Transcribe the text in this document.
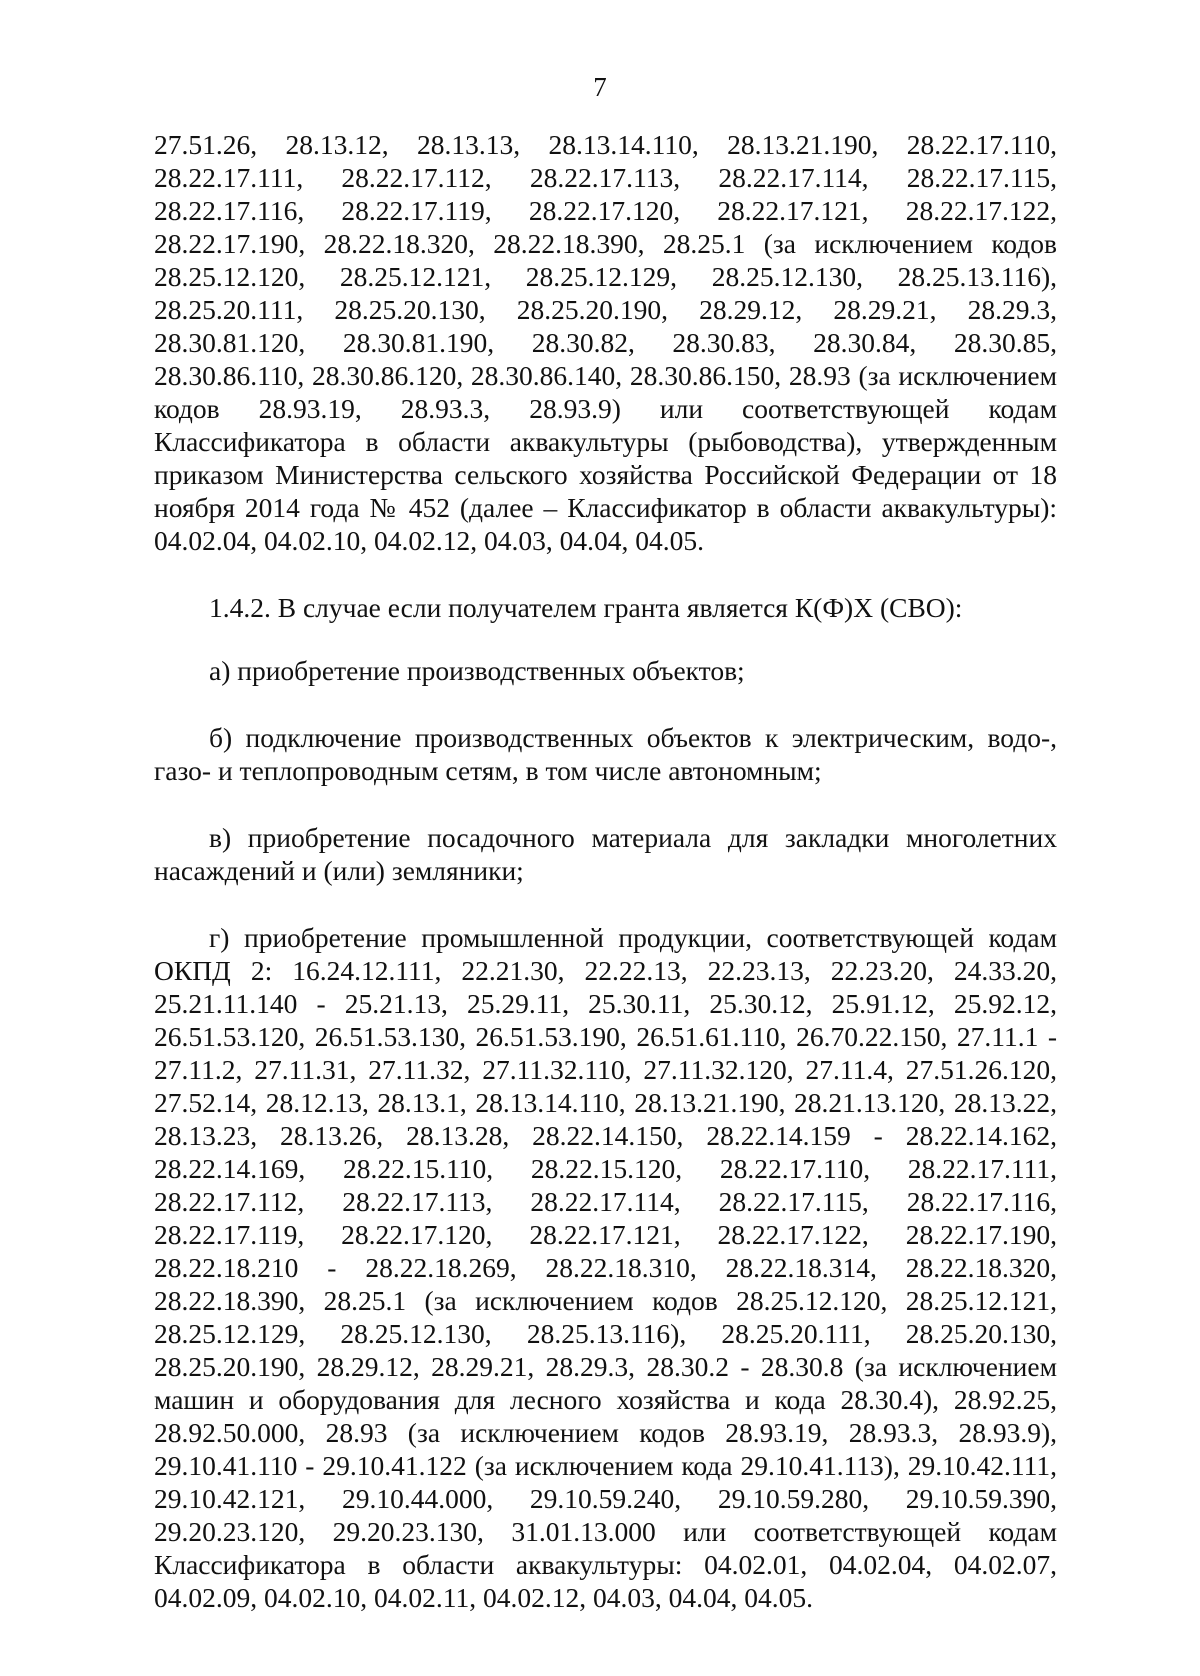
7

27.51.26, 28.13.12, 28.13.13, 28.13.14.110, 28.13.21.190, 28.22.17.110, 28.22.17.111, 28.22.17.112, 28.22.17.113, 28.22.17.114, 28.22.17.115, 28.22.17.116, 28.22.17.119, 28.22.17.120, 28.22.17.121, 28.22.17.122, 28.22.17.190, 28.22.18.320, 28.22.18.390, 28.25.1 (за исключением кодов 28.25.12.120, 28.25.12.121, 28.25.12.129, 28.25.12.130, 28.25.13.116), 28.25.20.111, 28.25.20.130, 28.25.20.190, 28.29.12, 28.29.21, 28.29.3, 28.30.81.120, 28.30.81.190, 28.30.82, 28.30.83, 28.30.84, 28.30.85, 28.30.86.110, 28.30.86.120, 28.30.86.140, 28.30.86.150, 28.93 (за исключением кодов 28.93.19, 28.93.3, 28.93.9) или соответствующей кодам Классификатора в области аквакультуры (рыбоводства), утвержденным приказом Министерства сельского хозяйства Российской Федерации от 18 ноября 2014 года № 452 (далее – Классификатор в области аквакультуры): 04.02.04, 04.02.10, 04.02.12, 04.03, 04.04, 04.05.

1.4.2. В случае если получателем гранта является К(Ф)Х (СВО):

а) приобретение производственных объектов;

б) подключение производственных объектов к электрическим, водо-, газо- и теплопроводным сетям, в том числе автономным;

в) приобретение посадочного материала для закладки многолетних насаждений и (или) земляники;

г) приобретение промышленной продукции, соответствующей кодам ОКПД 2: 16.24.12.111, 22.21.30, 22.22.13, 22.23.13, 22.23.20, 24.33.20, 25.21.11.140 - 25.21.13, 25.29.11, 25.30.11, 25.30.12, 25.91.12, 25.92.12, 26.51.53.120, 26.51.53.130, 26.51.53.190, 26.51.61.110, 26.70.22.150, 27.11.1 - 27.11.2, 27.11.31, 27.11.32, 27.11.32.110, 27.11.32.120, 27.11.4, 27.51.26.120, 27.52.14, 28.12.13, 28.13.1, 28.13.14.110, 28.13.21.190, 28.21.13.120, 28.13.22, 28.13.23, 28.13.26, 28.13.28, 28.22.14.150, 28.22.14.159 - 28.22.14.162, 28.22.14.169, 28.22.15.110, 28.22.15.120, 28.22.17.110, 28.22.17.111, 28.22.17.112, 28.22.17.113, 28.22.17.114, 28.22.17.115, 28.22.17.116, 28.22.17.119, 28.22.17.120, 28.22.17.121, 28.22.17.122, 28.22.17.190, 28.22.18.210 - 28.22.18.269, 28.22.18.310, 28.22.18.314, 28.22.18.320, 28.22.18.390, 28.25.1 (за исключением кодов 28.25.12.120, 28.25.12.121, 28.25.12.129, 28.25.12.130, 28.25.13.116), 28.25.20.111, 28.25.20.130, 28.25.20.190, 28.29.12, 28.29.21, 28.29.3, 28.30.2 - 28.30.8 (за исключением машин и оборудования для лесного хозяйства и кода 28.30.4), 28.92.25, 28.92.50.000, 28.93 (за исключением кодов 28.93.19, 28.93.3, 28.93.9), 29.10.41.110 - 29.10.41.122 (за исключением кода 29.10.41.113), 29.10.42.111, 29.10.42.121, 29.10.44.000, 29.10.59.240, 29.10.59.280, 29.10.59.390, 29.20.23.120, 29.20.23.130, 31.01.13.000 или соответствующей кодам Классификатора в области аквакультуры: 04.02.01, 04.02.04, 04.02.07, 04.02.09, 04.02.10, 04.02.11, 04.02.12, 04.03, 04.04, 04.05.
